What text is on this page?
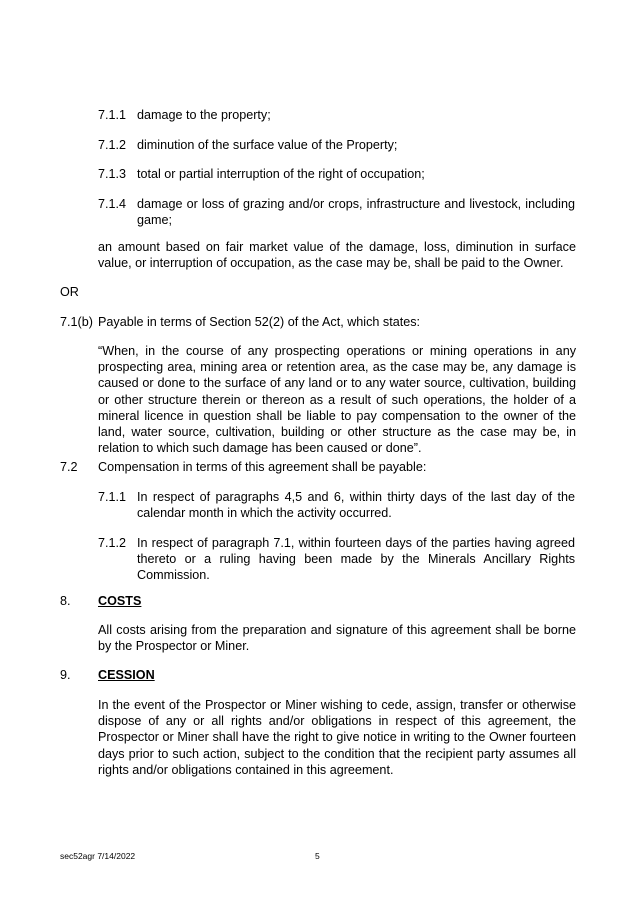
7.1.1 damage to the property;
7.1.2 diminution of the surface value of the Property;
7.1.3 total or partial interruption of the right of occupation;
7.1.4 damage or loss of grazing and/or crops, infrastructure and livestock, including game;
an amount based on fair market value of the damage, loss, diminution in surface value, or interruption of occupation, as the case may be, shall be paid to the Owner.
OR
7.1(b) Payable in terms of Section 52(2) of the Act, which states:
“When, in the course of any prospecting operations or mining operations in any prospecting area, mining area or retention area, as the case may be, any damage is caused or done to the surface of any land or to any water source, cultivation, building or other structure therein or thereon as a result of such operations, the holder of a mineral licence in question shall be liable to pay compensation to the owner of the land, water source, cultivation, building or other structure as the case may be, in relation to which such damage has been caused or done”.
7.2 Compensation in terms of this agreement shall be payable:
7.1.1 In respect of paragraphs 4,5 and 6, within thirty days of the last day of the calendar month in which the activity occurred.
7.1.2 In respect of paragraph 7.1, within fourteen days of the parties having agreed thereto or a ruling having been made by the Minerals Ancillary Rights Commission.
8. COSTS
All costs arising from the preparation and signature of this agreement shall be borne by the Prospector or Miner.
9. CESSION
In the event of the Prospector or Miner wishing to cede, assign, transfer or otherwise dispose of any or all rights and/or obligations in respect of this agreement, the Prospector or Miner shall have the right to give notice in writing to the Owner fourteen days prior to such action, subject to the condition that the recipient party assumes all rights and/or obligations contained in this agreement.
sec52agr 7/14/2022	5
